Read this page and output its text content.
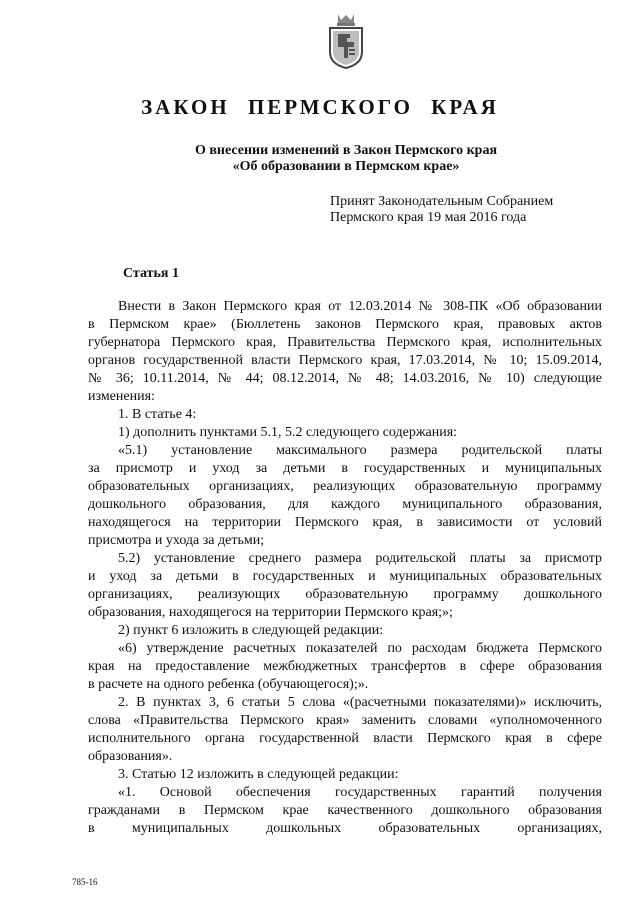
ЗАКОН ПЕРМСКОГО КРАЯ
О внесении изменений в Закон Пермского края
«Об образовании в Пермском крае»
Принят Законодательным Собранием
Пермского края 19 мая 2016 года
Статья 1
Внести в Закон Пермского края от 12.03.2014 № 308-ПК «Об образовании
в Пермском крае» (Бюллетень законов Пермского края, правовых актов
губернатора Пермского края, Правительства Пермского края, исполнительных
органов государственной власти Пермского края, 17.03.2014, № 10; 15.09.2014,
№ 36; 10.11.2014, № 44; 08.12.2014, № 48; 14.03.2016, № 10) следующие
изменения:
1. В статье 4:
1) дополнить пунктами 5.1, 5.2 следующего содержания:
«5.1) установление максимального размера родительской платы
за присмотр и уход за детьми в государственных и муниципальных
образовательных организациях, реализующих образовательную программу
дошкольного образования, для каждого муниципального образования,
находящегося на территории Пермского края, в зависимости от условий
присмотра и ухода за детьми;
5.2) установление среднего размера родительской платы за присмотр
и уход за детьми в государственных и муниципальных образовательных
организациях, реализующих образовательную программу дошкольного
образования, находящегося на территории Пермского края;»;
2) пункт 6 изложить в следующей редакции:
«6) утверждение расчетных показателей по расходам бюджета Пермского
края на предоставление межбюджетных трансфертов в сфере образования
в расчете на одного ребенка (обучающегося);».
2. В пунктах 3, 6 статьи 5 слова «(расчетными показателями)» исключить,
слова «Правительства Пермского края» заменить словами «уполномоченного
исполнительного органа государственной власти Пермского края в сфере
образования».
3. Статью 12 изложить в следующей редакции:
«1. Основой обеспечения государственных гарантий получения
гражданами в Пермском крае качественного дошкольного образования
в муниципальных дошкольных образовательных организациях,
785-16
